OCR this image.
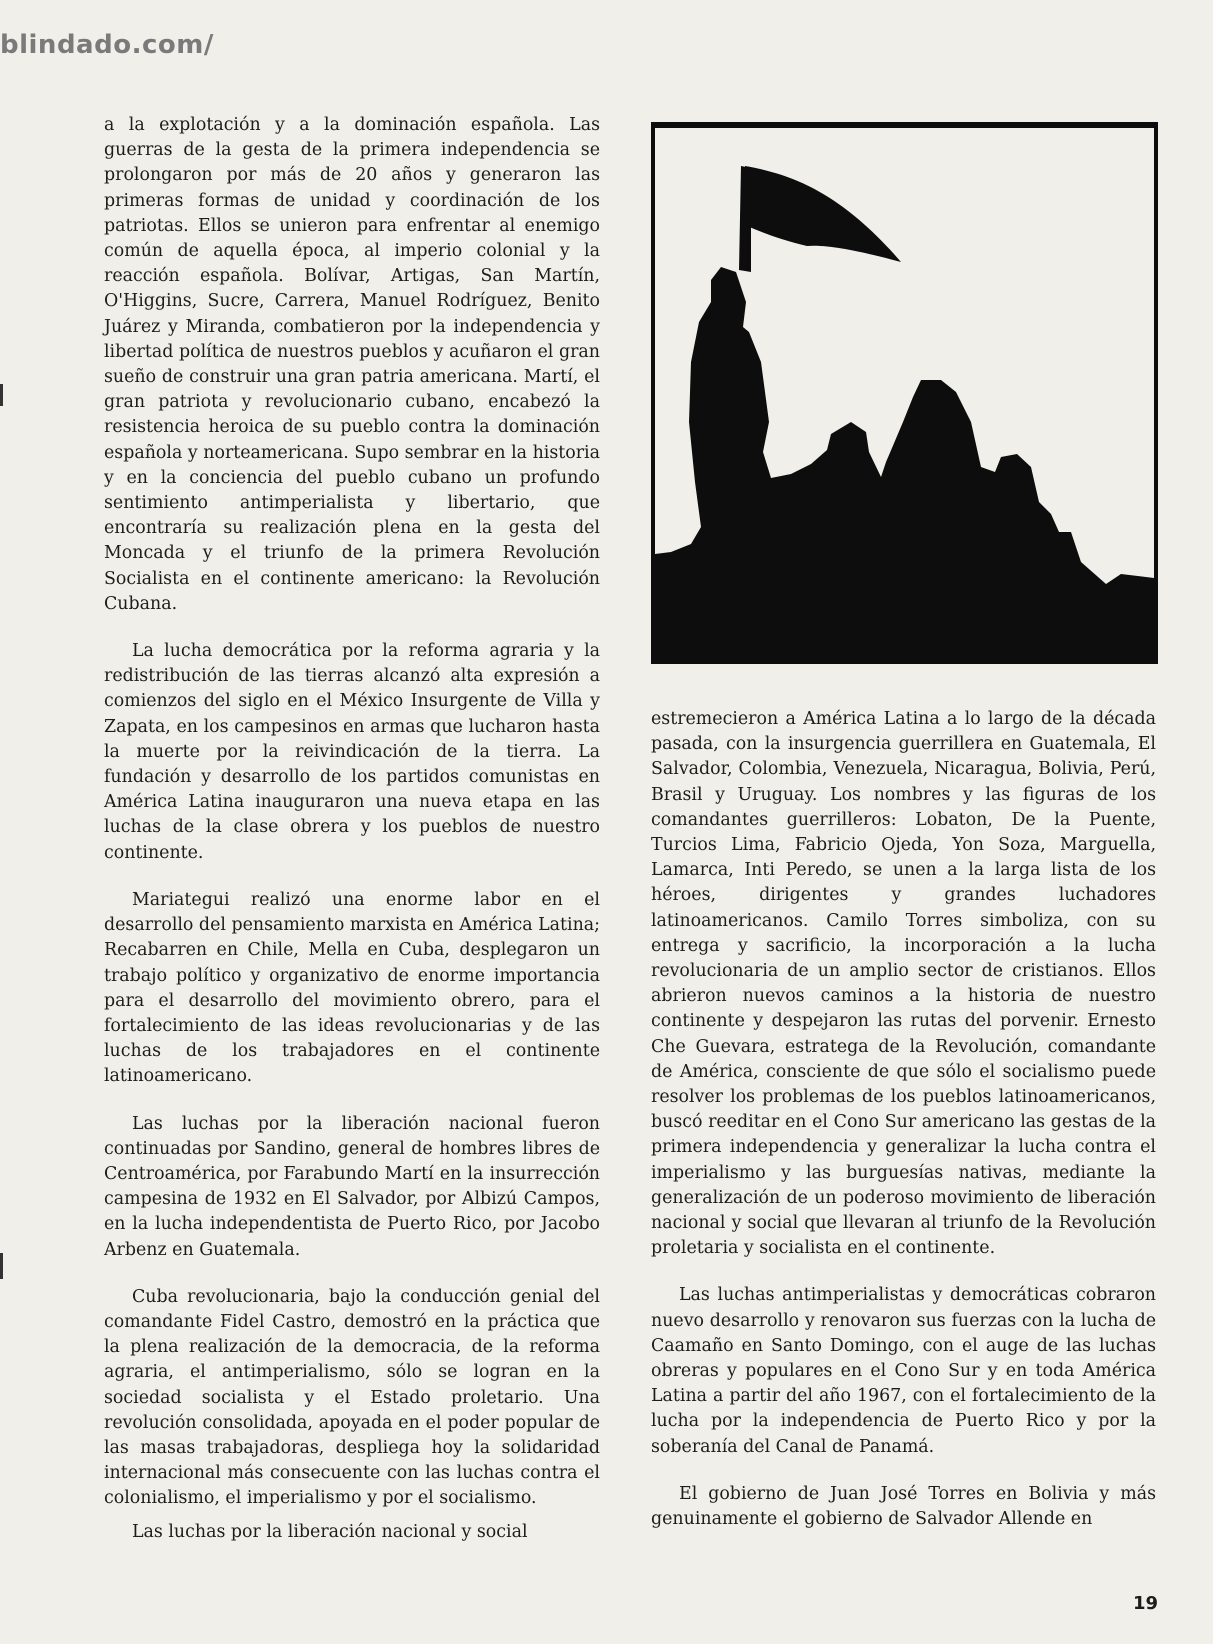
blindado.com/

a la explotación y a la dominación española. Las guerras de la gesta de la primera independencia se prolongaron por más de 20 años y generaron las primeras formas de unidad y coordinación de los patriotas. Ellos se unieron para enfrentar al enemigo común de aquella época, al imperio colonial y la reacción española. Bolívar, Artigas, San Martín, O'Higgins, Sucre, Carrera, Manuel Rodríguez, Benito Juárez y Miranda, combatieron por la independencia y libertad política de nuestros pueblos y acuñaron el gran sueño de construir una gran patria americana. Martí, el gran patriota y revolucionario cubano, encabezó la resistencia heroica de su pueblo contra la dominación española y norteamericana. Supo sembrar en la historia y en la conciencia del pueblo cubano un profundo sentimiento antimperialista y libertario, que encontraría su realización plena en la gesta del Moncada y el triunfo de la primera Revolución Socialista en el continente americano: la Revolución Cubana.

La lucha democrática por la reforma agraria y la redistribución de las tierras alcanzó alta expresión a comienzos del siglo en el México Insurgente de Villa y Zapata, en los campesinos en armas que lucharon hasta la muerte por la reivindicación de la tierra. La fundación y desarrollo de los partidos comunistas en América Latina inauguraron una nueva etapa en las luchas de la clase obrera y los pueblos de nuestro continente.

Mariategui realizó una enorme labor en el desarrollo del pensamiento marxista en América Latina; Recabarren en Chile, Mella en Cuba, desplegaron un trabajo político y organizativo de enorme importancia para el desarrollo del movimiento obrero, para el fortalecimiento de las ideas revolucionarias y de las luchas de los trabajadores en el continente latinoamericano.

Las luchas por la liberación nacional fueron continuadas por Sandino, general de hombres libres de Centroamérica, por Farabundo Martí en la insurrección campesina de 1932 en El Salvador, por Albizú Campos, en la lucha independentista de Puerto Rico, por Jacobo Arbenz en Guatemala.

Cuba revolucionaria, bajo la conducción genial del comandante Fidel Castro, demostró en la práctica que la plena realización de la democracia, de la reforma agraria, el antimperialismo, sólo se logran en la sociedad socialista y el Estado proletario. Una revolución consolidada, apoyada en el poder popular de las masas trabajadoras, despliega hoy la solidaridad internacional más consecuente con las luchas contra el colonialismo, el imperialismo y por el socialismo.

Las luchas por la liberación nacional y social

estremecieron a América Latina a lo largo de la década pasada, con la insurgencia guerrillera en Guatemala, El Salvador, Colombia, Venezuela, Nicaragua, Bolivia, Perú, Brasil y Uruguay. Los nombres y las figuras de los comandantes guerrilleros: Lobaton, De la Puente, Turcios Lima, Fabricio Ojeda, Yon Soza, Marguella, Lamarca, Inti Peredo, se unen a la larga lista de los héroes, dirigentes y grandes luchadores latinoamericanos. Camilo Torres simboliza, con su entrega y sacrificio, la incorporación a la lucha revolucionaria de un amplio sector de cristianos. Ellos abrieron nuevos caminos a la historia de nuestro continente y despejaron las rutas del porvenir. Ernesto Che Guevara, estratega de la Revolución, comandante de América, consciente de que sólo el socialismo puede resolver los problemas de los pueblos latinoamericanos, buscó reeditar en el Cono Sur americano las gestas de la primera independencia y generalizar la lucha contra el imperialismo y las burguesías nativas, mediante la generalización de un poderoso movimiento de liberación nacional y social que llevaran al triunfo de la Revolución proletaria y socialista en el continente.

Las luchas antimperialistas y democráticas cobraron nuevo desarrollo y renovaron sus fuerzas con la lucha de Caamaño en Santo Domingo, con el auge de las luchas obreras y populares en el Cono Sur y en toda América Latina a partir del año 1967, con el fortalecimiento de la lucha por la independencia de Puerto Rico y por la soberanía del Canal de Panamá.

El gobierno de Juan José Torres en Bolivia y más genuinamente el gobierno de Salvador Allende en

19
